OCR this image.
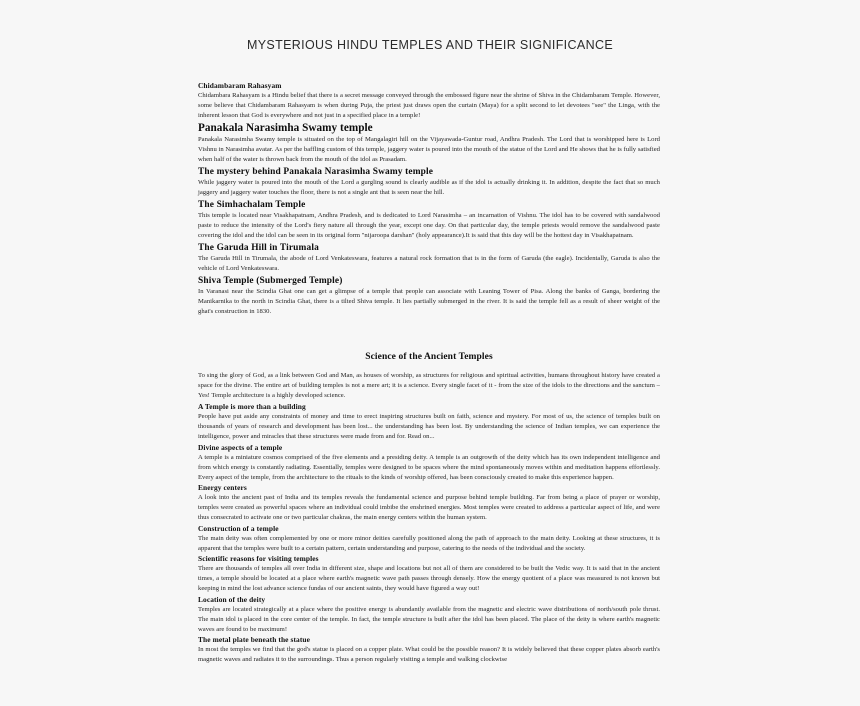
MYSTERIOUS HINDU TEMPLES AND THEIR SIGNIFICANCE
Chidambaram Rahasyam

Chidambara Rahasyam is a Hindu belief that there is a secret message conveyed through the embossed figure near the shrine of Shiva in the Chidambaram Temple. However, some believe that Chidambaram Rahasyam is when during Puja, the priest just draws open the curtain (Maya) for a split second to let devotees "see" the Linga, with the inherent lesson that God is everywhere and not just in a specified place in a temple!

Panakala Narasimha Swamy temple

Panakala Narasimha Swamy temple is situated on the top of Mangalagiri hill on the Vijayawada-Guntur road, Andhra Pradesh. The Lord that is worshipped here is Lord Vishnu in Narasimha avatar. As per the baffling custom of this temple, jaggery water is poured into the mouth of the statue of the Lord and He shows that he is fully satisfied when half of the water is thrown back from the mouth of the idol as Prasadam.

The mystery behind Panakala Narasimha Swamy temple

While jaggery water is poured into the mouth of the Lord a gurgling sound is clearly audible as if the idol is actually drinking it. In addition, despite the fact that so much jaggery and jaggery water touches the floor, there is not a single ant that is seen near the hill.

The Simhachalam Temple

This temple is located near Visakhapatnam, Andhra Pradesh, and is dedicated to Lord Narasimha – an incarnation of Vishnu. The idol has to be covered with sandalwood paste to reduce the intensity of the Lord's fiery nature all through the year, except one day. On that particular day, the temple priests would remove the sandalwood paste covering the idol and the idol can be seen in its original form "nijaroopa darshan" (holy appearance).It is said that this day will be the hottest day in Visakhapatnam.

The Garuda Hill in Tirumala

The Garuda Hill in Tirumala, the abode of Lord Venkateswara, features a natural rock formation that is in the form of Garuda (the eagle). Incidentally, Garuda is also the vehicle of Lord Venkateswara.

Shiva Temple (Submerged Temple)

In Varanasi near the Scindia Ghat one can get a glimpse of a temple that people can associate with Leaning Tower of Pisa. Along the banks of Ganga, bordering the Manikarnika to the north in Scindia Ghat, there is a tilted Shiva temple. It lies partially submerged in the river. It is said the temple fell as a result of sheer weight of the ghat's construction in 1830.

Science of the Ancient Temples

To sing the glory of God, as a link between God and Man, as houses of worship, as structures for religious and spiritual activities, humans throughout history have created a space for the divine. The entire art of building temples is not a mere art; it is a science. Every single facet of it - from the size of the idols to the directions and the sanctum – Yes! Temple architecture is a highly developed science.

A Temple is more than a building

People have put aside any constraints of money and time to erect inspiring structures built on faith, science and mystery. For most of us, the science of temples built on thousands of years of research and development has been lost... the understanding has been lost. By understanding the science of Indian temples, we can experience the intelligence, power and miracles that these structures were made from and for. Read on...

Divine aspects of a temple

A temple is a miniature cosmos comprised of the five elements and a presiding deity. A temple is an outgrowth of the deity which has its own independent intelligence and from which energy is constantly radiating. Essentially, temples were designed to be spaces where the mind spontaneously moves within and meditation happens effortlessly. Every aspect of the temple, from the architecture to the rituals to the kinds of worship offered, has been consciously created to make this experience happen.

Energy centers

A look into the ancient past of India and its temples reveals the fundamental science and purpose behind temple building. Far from being a place of prayer or worship, temples were created as powerful spaces where an individual could imbibe the enshrined energies. Most temples were created to address a particular aspect of life, and were thus consecrated to activate one or two particular chakras, the main energy centers within the human system.

Construction of a temple

The main deity was often complemented by one or more minor deities carefully positioned along the path of approach to the main deity. Looking at these structures, it is apparent that the temples were built to a certain pattern, certain understanding and purpose, catering to the needs of the individual and the society.

Scientific reasons for visiting temples

There are thousands of temples all over India in different size, shape and locations but not all of them are considered to be built the Vedic way. It is said that in the ancient times, a temple should be located at a place where earth's magnetic wave path passes through densely. How the energy quotient of a place was measured is not known but keeping in mind the lost advance science fundas of our ancient saints, they would have figured a way out!

Location of the deity

Temples are located strategically at a place where the positive energy is abundantly available from the magnetic and electric wave distributions of north/south pole thrust. The main idol is placed in the core center of the temple. In fact, the temple structure is built after the idol has been placed. The place of the deity is where earth's magnetic waves are found to be maximum!

The metal plate beneath the statue

In most the temples we find that the god's statue is placed on a copper plate. What could be the possible reason? It is widely believed that these copper plates absorb earth's magnetic waves and radiates it to the surroundings. Thus a person regularly visiting a temple and walking clockwise
